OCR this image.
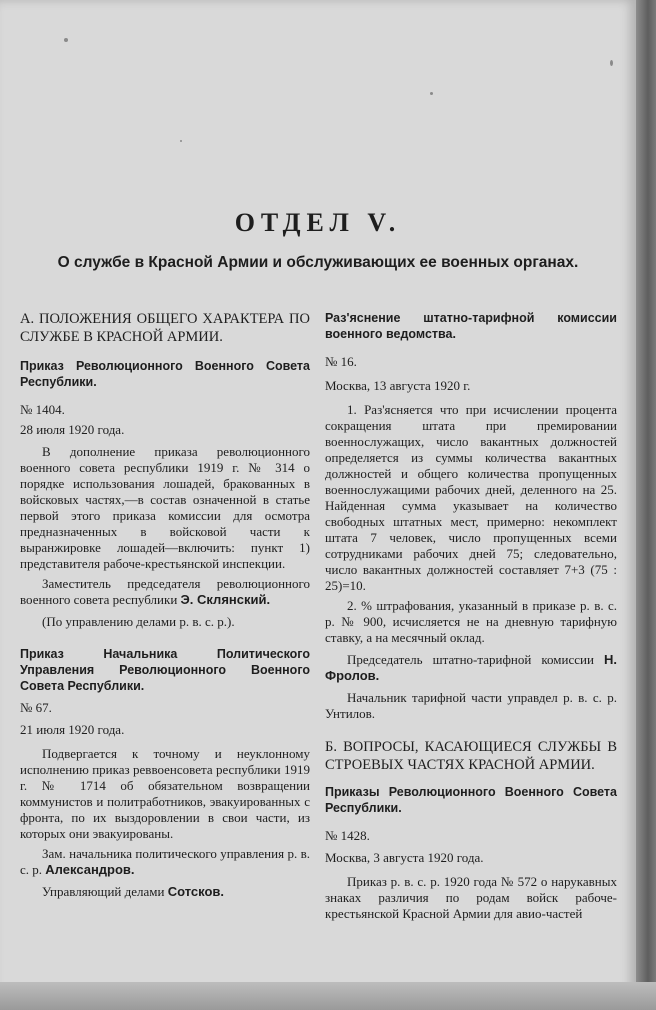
ОТДЕЛ V.
О службе в Красной Армии и обслуживающих ее военных органах.

А. ПОЛОЖЕНИЯ ОБЩЕГО ХАРАКТЕРА ПО СЛУЖБЕ В КРАСНОЙ АРМИИ.

Приказ Революционного Военного Совета Республики.

№ 1404.

28 июля 1920 года.

В дополнение приказа революционного военного совета республики 1919 г. № 314 о порядке использования лошадей, бракованных в войсковых частях,—в состав означенной в статье первой этого приказа комиссии для осмотра предназначенных в войсковой части к выранжировке лошадей—включить: пункт 1) представителя рабоче-крестьянской инспекции.

Заместитель председателя революционного военного совета республики Э. Склянский.

(По управлению делами р. в. с. р.).

Приказ Начальника Политического Управления Революционного Военного Совета Республики.

№ 67.

21 июля 1920 года.

Подвергается к точному и неуклонному исполнению приказ реввоенсовета республики 1919 г. № 1714 об обязательном возвращении коммунистов и политработников, эвакуированных с фронта, по их выздоровлении в свои части, из которых они эвакуированы.

Зам. начальника политического управления р. в. с. р. Александров.

Управляющий делами Сотсков.

Раз'яснение штатно-тарифной комиссии военного ведомства.

№ 16.

Москва, 13 августа 1920 г.

1. Раз'ясняется что при исчислении процента сокращения штата при премировании военнослужащих, число вакантных должностей определяется из суммы количества вакантных должностей и общего количества пропущенных военнослужащими рабочих дней, деленного на 25. Найденная сумма указывает на количество свободных штатных мест, примерно: некомплект штата 7 человек, число пропущенных всеми сотрудниками рабочих дней 75; следовательно, число вакантных должностей составляет 7+3 (75 : 25)=10.

2. % штрафования, указанный в приказе р. в. с. р. № 900, исчисляется не на дневную тарифную ставку, а на месячный оклад.

Председатель штатно-тарифной комиссии Н. Фролов.

Начальник тарифной части управдел р. в. с. р. Унтилов.

Б. ВОПРОСЫ, КАСАЮЩИЕСЯ СЛУЖБЫ В СТРОЕВЫХ ЧАСТЯХ КРАСНОЙ АРМИИ.

Приказы Революционного Военного Совета Республики.

№ 1428.

Москва, 3 августа 1920 года.

Приказ р. в. с. р. 1920 года № 572 о нарукавных знаках различия по родам войск рабоче-крестьянской Красной Армии для авио-частей
